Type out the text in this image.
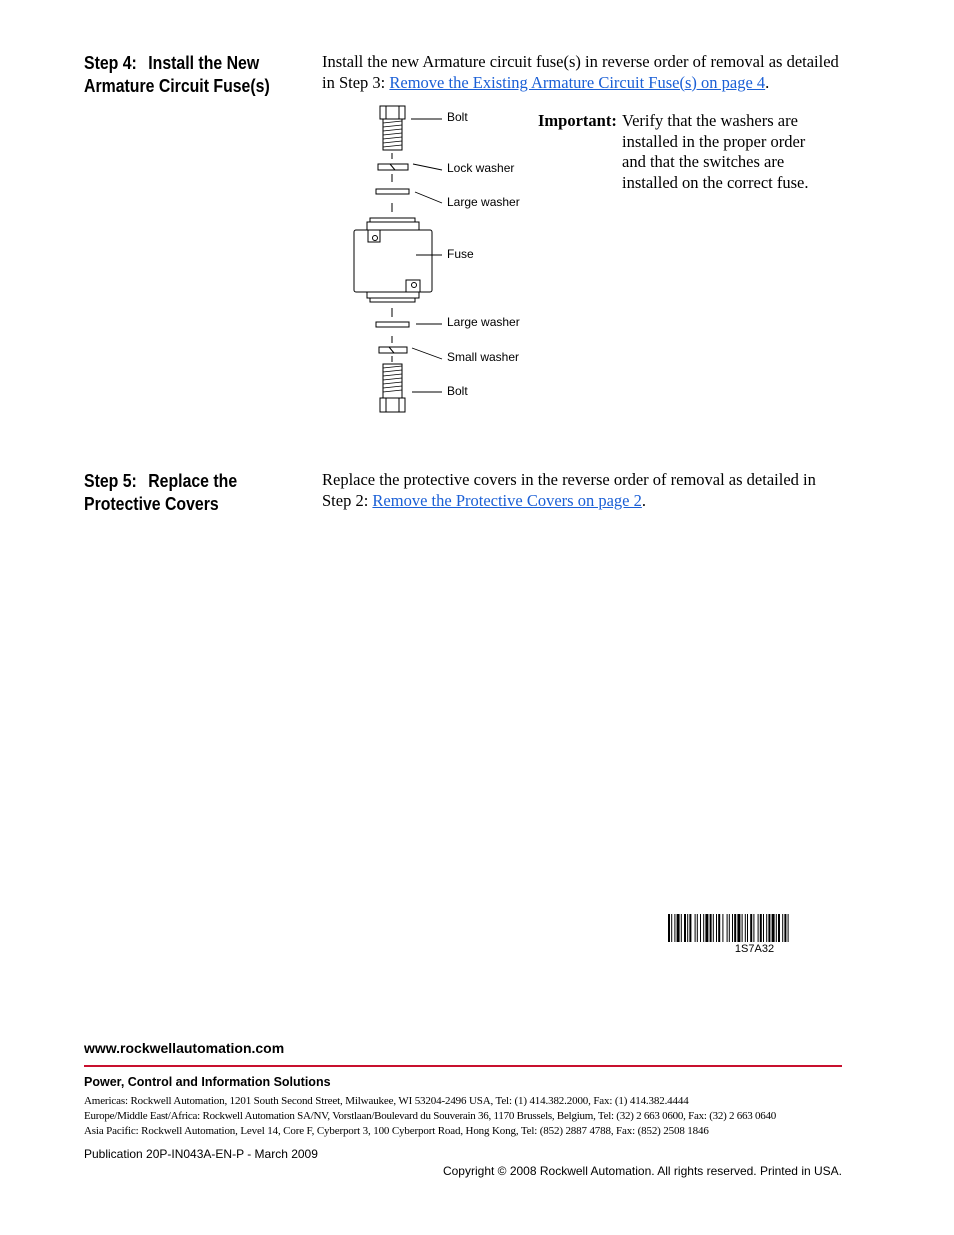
Step 4: Install the New
Armature Circuit Fuse(s)
Install the new Armature circuit fuse(s) in reverse order of removal as detailed in Step 3: Remove the Existing Armature Circuit Fuse(s) on page 4.
Bolt
Lock washer
Large washer
Fuse
Large washer
Small washer
Bolt
Important: Verify that the washers are installed in the proper order and that the switches are installed on the correct fuse.
Step 5: Replace the
Protective Covers
Replace the protective covers in the reverse order of removal as detailed in Step 2: Remove the Protective Covers on page 2.
1S7A32
www.rockwellautomation.com
Power, Control and Information Solutions
Americas: Rockwell Automation, 1201 South Second Street, Milwaukee, WI 53204-2496 USA, Tel: (1) 414.382.2000, Fax: (1) 414.382.4444
Europe/Middle East/Africa: Rockwell Automation SA/NV, Vorstlaan/Boulevard du Souverain 36, 1170 Brussels, Belgium, Tel: (32) 2 663 0600, Fax: (32) 2 663 0640
Asia Pacific: Rockwell Automation, Level 14, Core F, Cyberport 3, 100 Cyberport Road, Hong Kong, Tel: (852) 2887 4788, Fax: (852) 2508 1846
Publication 20P-IN043A-EN-P - March 2009
Copyright © 2008 Rockwell Automation. All rights reserved. Printed in USA.
